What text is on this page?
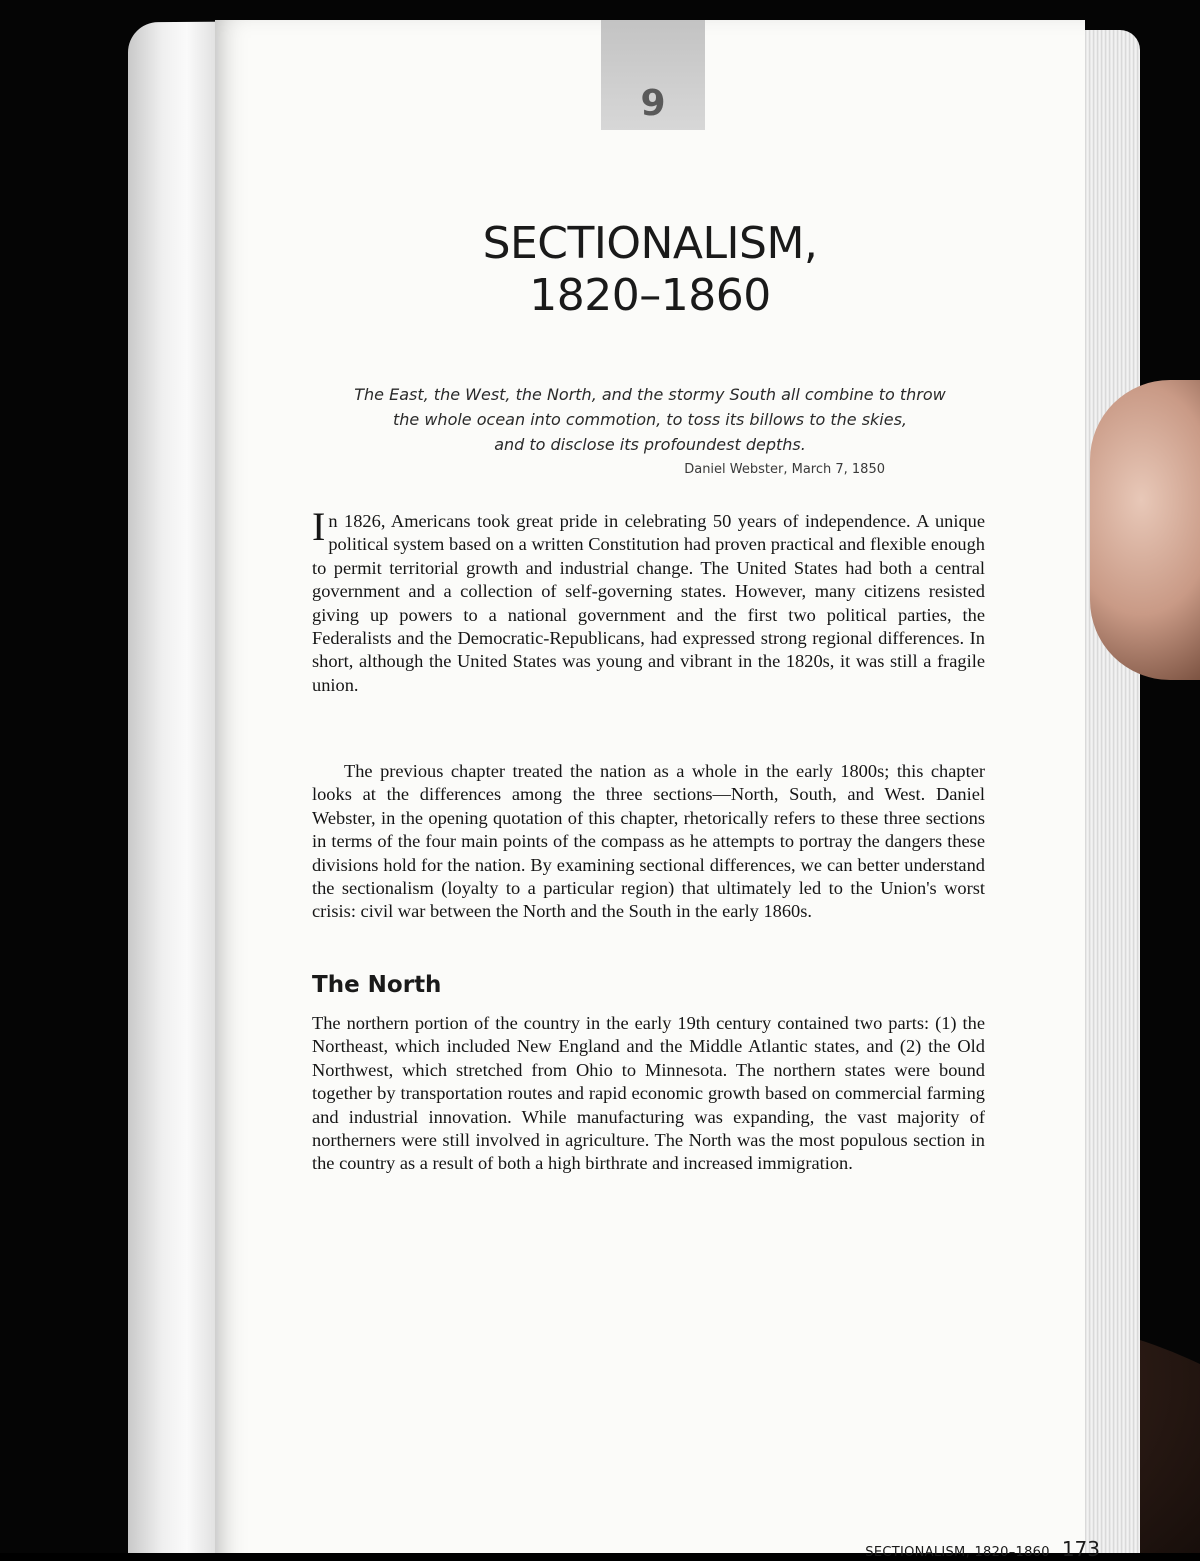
9
SECTIONALISM,
1820–1860
The East, the West, the North, and the stormy South all combine to throw
the whole ocean into commotion, to toss its billows to the skies,
and to disclose its profoundest depths.
Daniel Webster, March 7, 1850

In 1826, Americans took great pride in celebrating 50 years of independence. A unique political system based on a written Constitution had proven practical and flexible enough to permit territorial growth and industrial change. The United States had both a central government and a collection of self-governing states. However, many citizens resisted giving up powers to a national government and the first two political parties, the Federalists and the Democratic-Republicans, had expressed strong regional differences. In short, although the United States was young and vibrant in the 1820s, it was still a fragile union.

The previous chapter treated the nation as a whole in the early 1800s; this chapter looks at the differences among the three sections—North, South, and West. Daniel Webster, in the opening quotation of this chapter, rhetorically refers to these three sections in terms of the four main points of the compass as he attempts to portray the dangers these divisions hold for the nation. By examining sectional differences, we can better understand the sectionalism (loyalty to a particular region) that ultimately led to the Union's worst crisis: civil war between the North and the South in the early 1860s.

The North

The northern portion of the country in the early 19th century contained two parts: (1) the Northeast, which included New England and the Middle Atlantic states, and (2) the Old Northwest, which stretched from Ohio to Minnesota. The northern states were bound together by transportation routes and rapid economic growth based on commercial farming and industrial innovation. While manufacturing was expanding, the vast majority of northerners were still involved in agriculture. The North was the most populous section in the country as a result of both a high birthrate and increased immigration.

SECTIONALISM, 1820–1860 173
